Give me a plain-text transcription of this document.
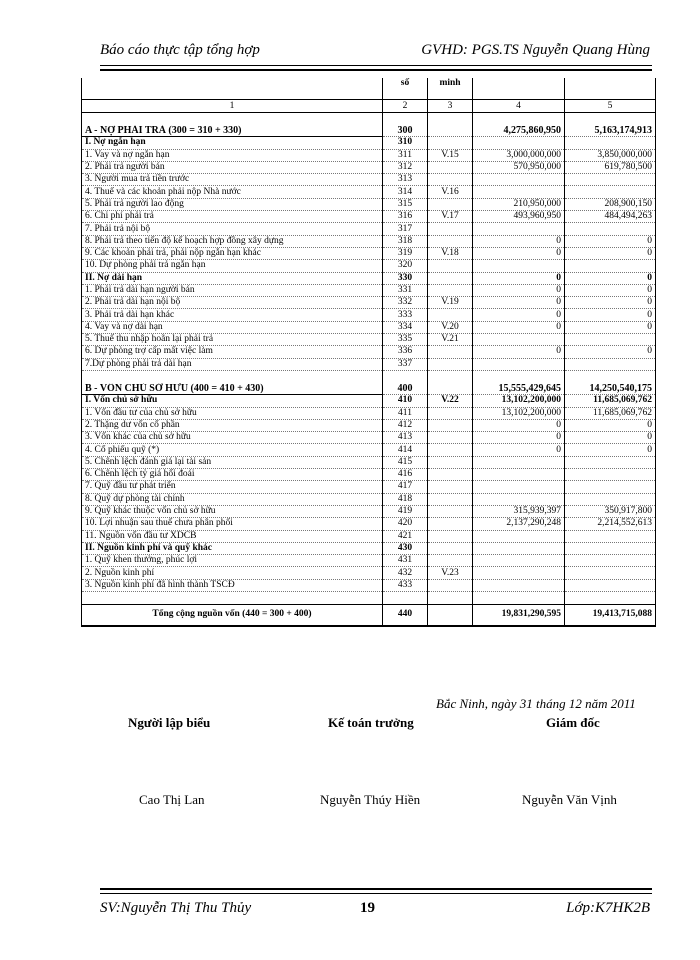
Báo cáo thực tập tổng hợp	GVHD: PGS.TS Nguyễn Quang Hùng
	số	minh		
1	2	3	4	5

A - NỢ PHẢI TRẢ (300 = 310 + 330)	300		4,275,860,950	5,163,174,913
I. Nợ ngắn hạn	310			
1. Vay và nợ ngắn hạn	311	V.15	3,000,000,000	3,850,000,000
2. Phải trả người bán	312		570,950,000	619,780,500
3. Người mua trả tiền trước	313			
4. Thuế và các khoản phải nộp Nhà nước	314	V.16		
5. Phải trả người lao động	315		210,950,000	208,900,150
6. Chi phí phải trả	316	V.17	493,960,950	484,494,263
7. Phải trả nội bộ	317			
8. Phải trả theo tiến độ kế hoạch hợp đồng xây dựng	318		0	0
9. Các khoản phải trả, phải nộp ngắn hạn khác	319	V.18	0	0
10. Dự phòng phải trả ngắn hạn	320			
II. Nợ dài hạn	330		0	0
1. Phải trả dài hạn người bán	331		0	0
2. Phải trả dài hạn nội bộ	332	V.19	0	0
3. Phải trả dài hạn khác	333		0	0
4. Vay và nợ dài hạn	334	V.20	0	0
5. Thuế thu nhập hoãn lại phải trả	335	V.21		
6. Dự phòng trợ cấp mất việc làm	336		0	0
7.Dự phòng phải trả dài hạn	337			

B - VỐN CHỦ SỞ HỮU (400 = 410 + 430)	400		15,555,429,645	14,250,540,175
I. Vốn chủ sở hữu	410	V.22	13,102,200,000	11,685,069,762
1. Vốn đầu tư của chủ sở hữu	411		13,102,200,000	11,685,069,762
2. Thặng dư vốn cổ phần	412		0	0
3. Vốn khác của chủ sở hữu	413		0	0
4. Cổ phiếu quỹ (*)	414		0	0
5. Chênh lệch đánh giá lại tài sản	415			
6. Chênh lệch tỷ giá hối đoái	416			
7. Quỹ đầu tư phát triển	417			
8. Quỹ dự phòng tài chính	418			
9. Quỹ khác thuộc vốn chủ sở hữu	419		315,939,397	350,917,800
10. Lợi nhuận sau thuế chưa phân phối	420		2,137,290,248	2,214,552,613
11. Nguồn vốn đầu tư XDCB	421			
II. Nguồn kinh phí và quỹ khác	430			
1. Quỹ khen thưởng, phúc lợi	431			
2. Nguồn kinh phí	432	V.23		
3. Nguồn kinh phí đã hình thành TSCĐ	433			

Tổng cộng nguồn vốn (440 = 300 + 400)	440		19,831,290,595	19,413,715,088
Bắc Ninh, ngày 31 tháng 12 năm 2011
Người lập biểu	Kế toán trưởng	Giám đốc
Cao Thị Lan	Nguyễn Thúy Hiền	Nguyễn Văn Vịnh
SV:Nguyễn Thị Thu Thủy	19	Lớp:K7HK2B
